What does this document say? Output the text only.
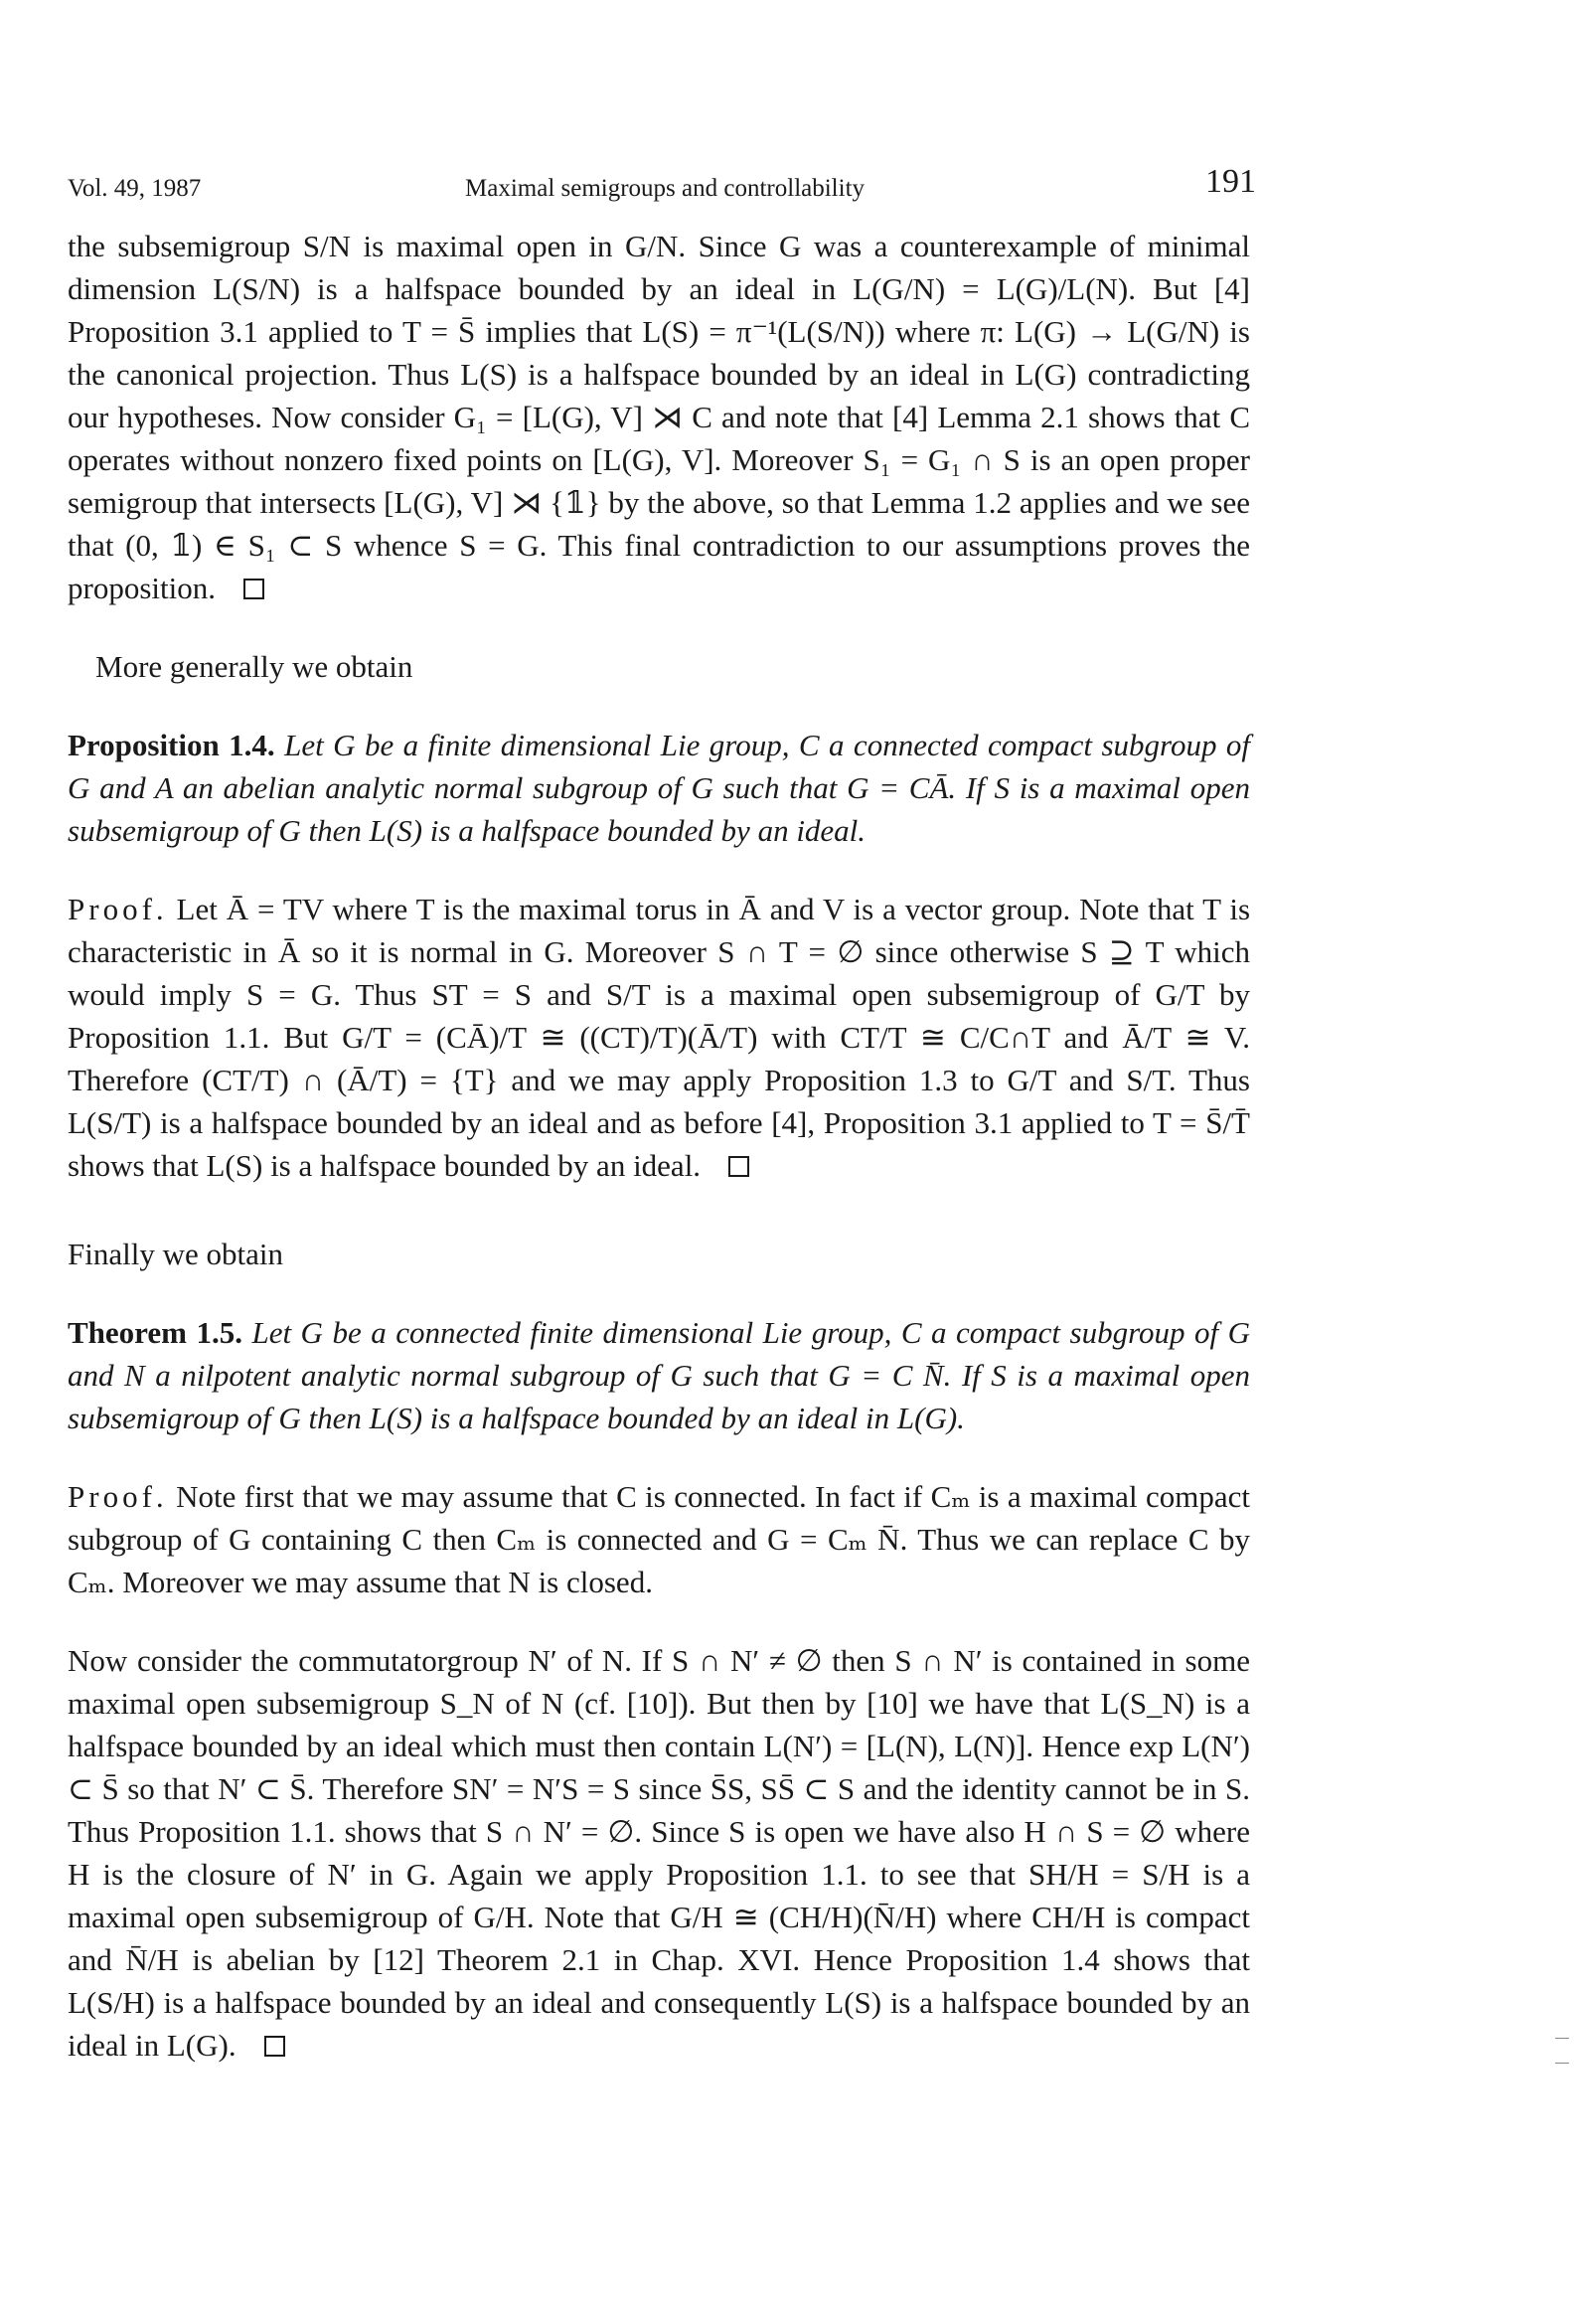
Vol. 49, 1987	Maximal semigroups and controllability	191

the subsemigroup S/N is maximal open in G/N. Since G was a counterexample of minimal dimension L(S/N) is a halfspace bounded by an ideal in L(G/N) = L(G)/L(N). But [4] Proposition 3.1 applied to T = S̄ implies that L(S) = π⁻¹(L(S/N)) where π: L(G) → L(G/N) is the canonical projection. Thus L(S) is a halfspace bounded by an ideal in L(G) contradicting our hypotheses. Now consider G₁ = [L(G), V] ⋊ C and note that [4] Lemma 2.1 shows that C operates without nonzero fixed points on [L(G), V]. Moreover S₁ = G₁ ∩ S is an open proper semigroup that intersects [L(G), V] ⋊ {𝟙} by the above, so that Lemma 1.2 applies and we see that (0, 𝟙) ∈ S₁ ⊂ S whence S = G. This final contradiction to our assumptions proves the proposition.

More generally we obtain

Proposition 1.4. Let G be a finite dimensional Lie group, C a connected compact subgroup of G and A an abelian analytic normal subgroup of G such that G = CĀ. If S is a maximal open subsemigroup of G then L(S) is a halfspace bounded by an ideal.

Proof. Let Ā = TV where T is the maximal torus in Ā and V is a vector group. Note that T is characteristic in Ā so it is normal in G. Moreover S ∩ T = ∅ since otherwise S ⊇ T which would imply S = G. Thus ST = S and S/T is a maximal open subsemigroup of G/T by Proposition 1.1. But G/T = (CĀ)/T ≅ ((CT)/T)(Ā/T) with CT/T ≅ C/C∩T and Ā/T ≅ V. Therefore (CT/T) ∩ (Ā/T) = {T} and we may apply Proposition 1.3 to G/T and S/T. Thus L(S/T) is a halfspace bounded by an ideal and as before [4], Proposition 3.1 applied to T = S̄/T̄ shows that L(S) is a halfspace bounded by an ideal.

Finally we obtain

Theorem 1.5. Let G be a connected finite dimensional Lie group, C a compact subgroup of G and N a nilpotent analytic normal subgroup of G such that G = C N̄. If S is a maximal open subsemigroup of G then L(S) is a halfspace bounded by an ideal in L(G).

Proof. Note first that we may assume that C is connected. In fact if Cₘ is a maximal compact subgroup of G containing C then Cₘ is connected and G = Cₘ N̄. Thus we can replace C by Cₘ. Moreover we may assume that N is closed.

Now consider the commutatorgroup N′ of N. If S ∩ N′ ≠ ∅ then S ∩ N′ is contained in some maximal open subsemigroup S_N of N (cf. [10]). But then by [10] we have that L(S_N) is a halfspace bounded by an ideal which must then contain L(N′) = [L(N), L(N)]. Hence exp L(N′) ⊂ S̄ so that N′ ⊂ S̄. Therefore SN′ = N′S = S since S̄S, SS̄ ⊂ S and the identity cannot be in S. Thus Proposition 1.1. shows that S ∩ N′ = ∅. Since S is open we have also H ∩ S = ∅ where H is the closure of N′ in G. Again we apply Proposition 1.1. to see that SH/H = S/H is a maximal open subsemigroup of G/H. Note that G/H ≅ (CH/H)(N̄/H) where CH/H is compact and N̄/H is abelian by [12] Theorem 2.1 in Chap. XVI. Hence Proposition 1.4 shows that L(S/H) is a halfspace bounded by an ideal and consequently L(S) is a halfspace bounded by an ideal in L(G).
